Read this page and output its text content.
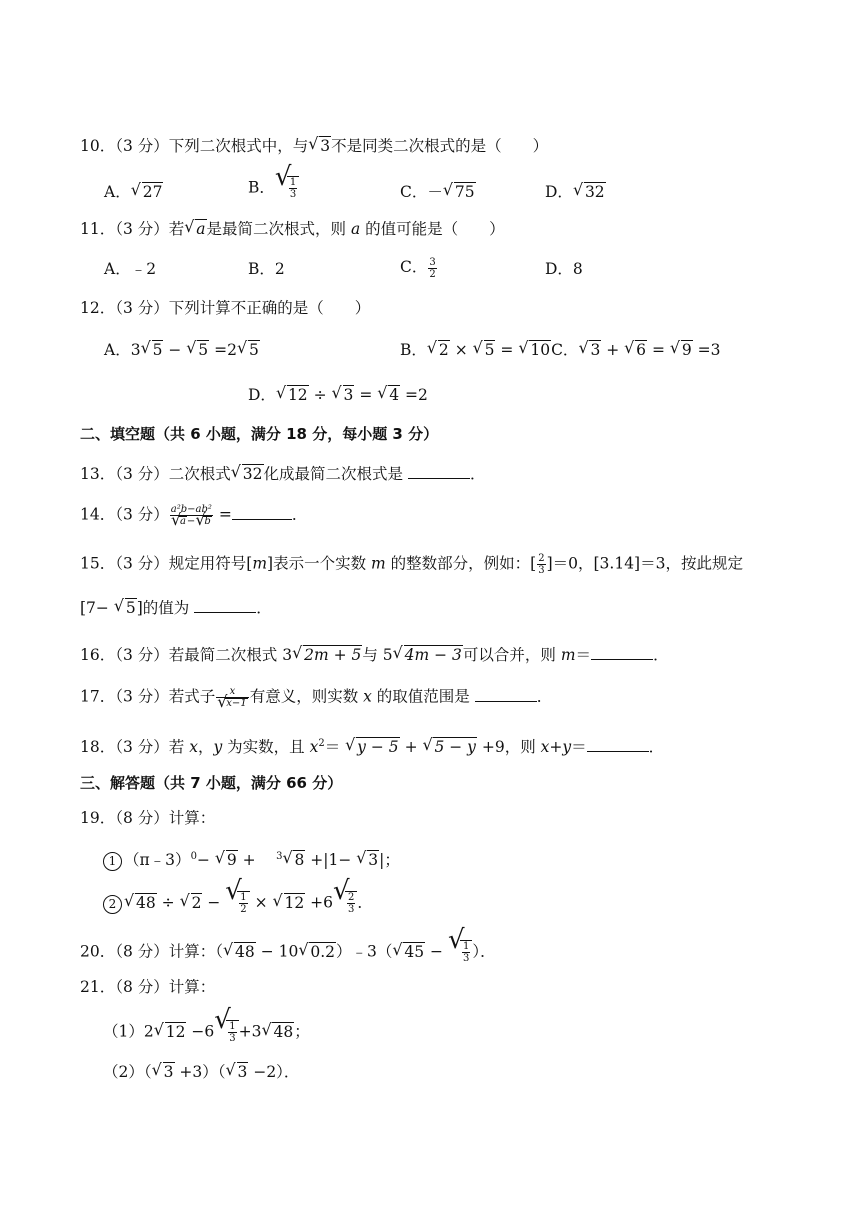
10．（3 分）下列二次根式中，与√ 3不是同类二次根式的是（　　）
A．√ 27	B．
√ $\frac{1}{3}$	C．－√ 75	D．√ 32
11．（3 分）若√ a是最简二次根式，则 a 的值可能是（　　）
A．﹣2	B．2	C． $\frac{3}{2}$	D．8
12．（3 分）下列计算不正确的是（　　）
A．3√ 5 − √ 5 =2√ 5	B．√ 2 × √ 5 = √ 10C．√ 3 + √ 6 = √ 9 =3
D．√ 12 ÷ √ 3 = √ 4 =2
二、填空题（共 6 小题，满分 18 分，每小题 3 分）
13．（3 分）二次根式√ 32化成最简二次根式是	．
14．（3 分） a²b−ab²
√ a−√ b =	．
15．（3 分）规定用符号[m]表示一个实数 m 的整数部分，例如：[ $\frac{2}{3} ]=0$，[3.14]＝3，按此规定
[7− √ 5]的值为	．
16．（3 分）若最简二次根式 3√ 2m + 5与 5√ 4m − 3可以合并，则 m＝	．
17．（3 分）若式子 x
√ x−1 有意义，则实数 x 的取值范围是	．
18．（3 分）若 x，y 为实数，且 $x^2=$ √ y − 5 + √ 5 − y +9，则 x+y＝	．
三、解答题（共 7 小题，满分 66 分）
19．（8 分）计算：
1 （π﹣3）$^0$− √ 9 + 　$^3$√ 8 +|1− √ 3|；
2√ 48 ÷ √ 2 −
√ $\frac{1}{2}$ × √ 12 +6
√ $\frac{2}{3}$ ．
20．（8 分）计算：（√ 48 − 10√ 0.2）﹣3（√ 45 −
√ $\frac{1}{3}$ ）．
21．（8 分）计算：
（1）2√ 12 −6
√ $\frac{1}{3} +3√$ 48；
（2）（√ 3 +3）（√ 3 −2）．
